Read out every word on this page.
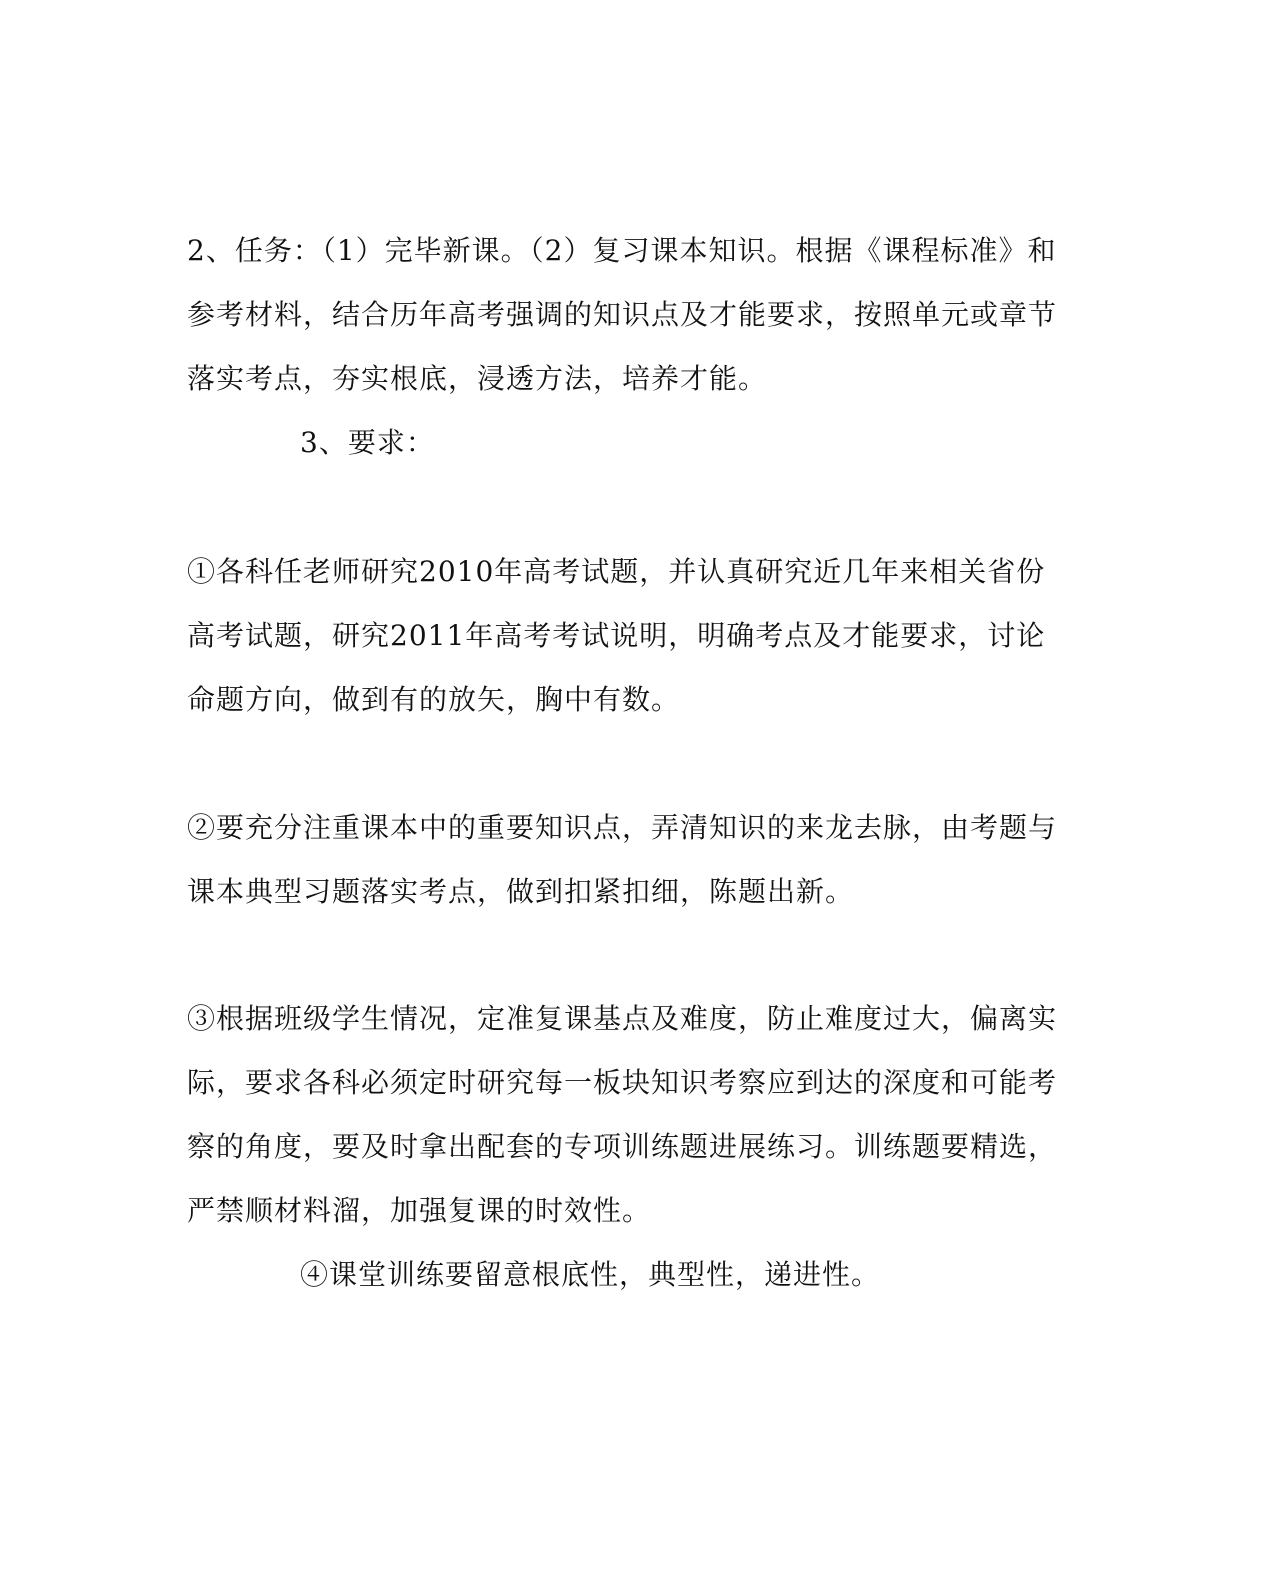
2、任务：（1）完毕新课。（2）复习课本知识。根据《课程标准》和参考材料，结合历年高考强调的知识点及才能要求，按照单元或章节落实考点，夯实根底，浸透方法，培养才能。

3、要求：

①各科任老师研究2010年高考试题，并认真研究近几年来相关省份高考试题，研究2011年高考考试说明，明确考点及才能要求，讨论命题方向，做到有的放矢，胸中有数。

②要充分注重课本中的重要知识点，弄清知识的来龙去脉，由考题与课本典型习题落实考点，做到扣紧扣细，陈题出新。

③根据班级学生情况，定准复课基点及难度，防止难度过大，偏离实际，要求各科必须定时研究每一板块知识考察应到达的深度和可能考察的角度，要及时拿出配套的专项训练题进展练习。训练题要精选，严禁顺材料溜，加强复课的时效性。

④课堂训练要留意根底性，典型性，递进性。
